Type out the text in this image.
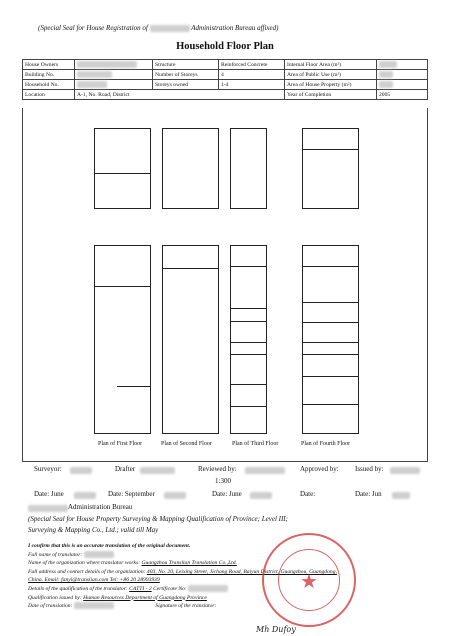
(Special Seal for House Registration of	Administration Bureau affixed)
Household Floor Plan
House Owners		Structure	Reinforced Concrete	Internal Floor Area (m²)	
Building No.		Number of Storeys	4	Area of Public Use (m²)	
Household No.		Storeys owned	1-4	Area of House Property (m²)	
Location	A-1, No. Road, District			Year of Completion	2005
Plan of First Floor	Plan of Second Floor	Plan of Third Floor	Plan of Fourth Floor
Surveyor:	Drafter	Reviewed by:	Approved by: Issued by:
1:300
Date: June	Date: September	Date: June	Date:	Date: Jun
Administration Bureau
(Special Seal for House Property Surveying & Mapping Qualification of Province; Level III;
Surveying & Mapping Co., Ltd.; valid till May
I confirm that this is an accurate translation of the original document.
Full name of translator:
Name of the organization where translator works: Guangzhou Translian Translation Co.,Ltd.
Full address and contact details of the organization: 403, No. 20, Leixing Street, Jichang Road, Baiyun District, Guangzhou, Guangdong,
China. Email: fanyi@translian.com Tel: +86 20 28993939
Details of the qualification of the translator: CATTI - 2 Certificate No:
Qualification issued by: Human Resources Department of Guangdong Province
Date of translation:	Signature of the translator:
★
Mh Dufoy
